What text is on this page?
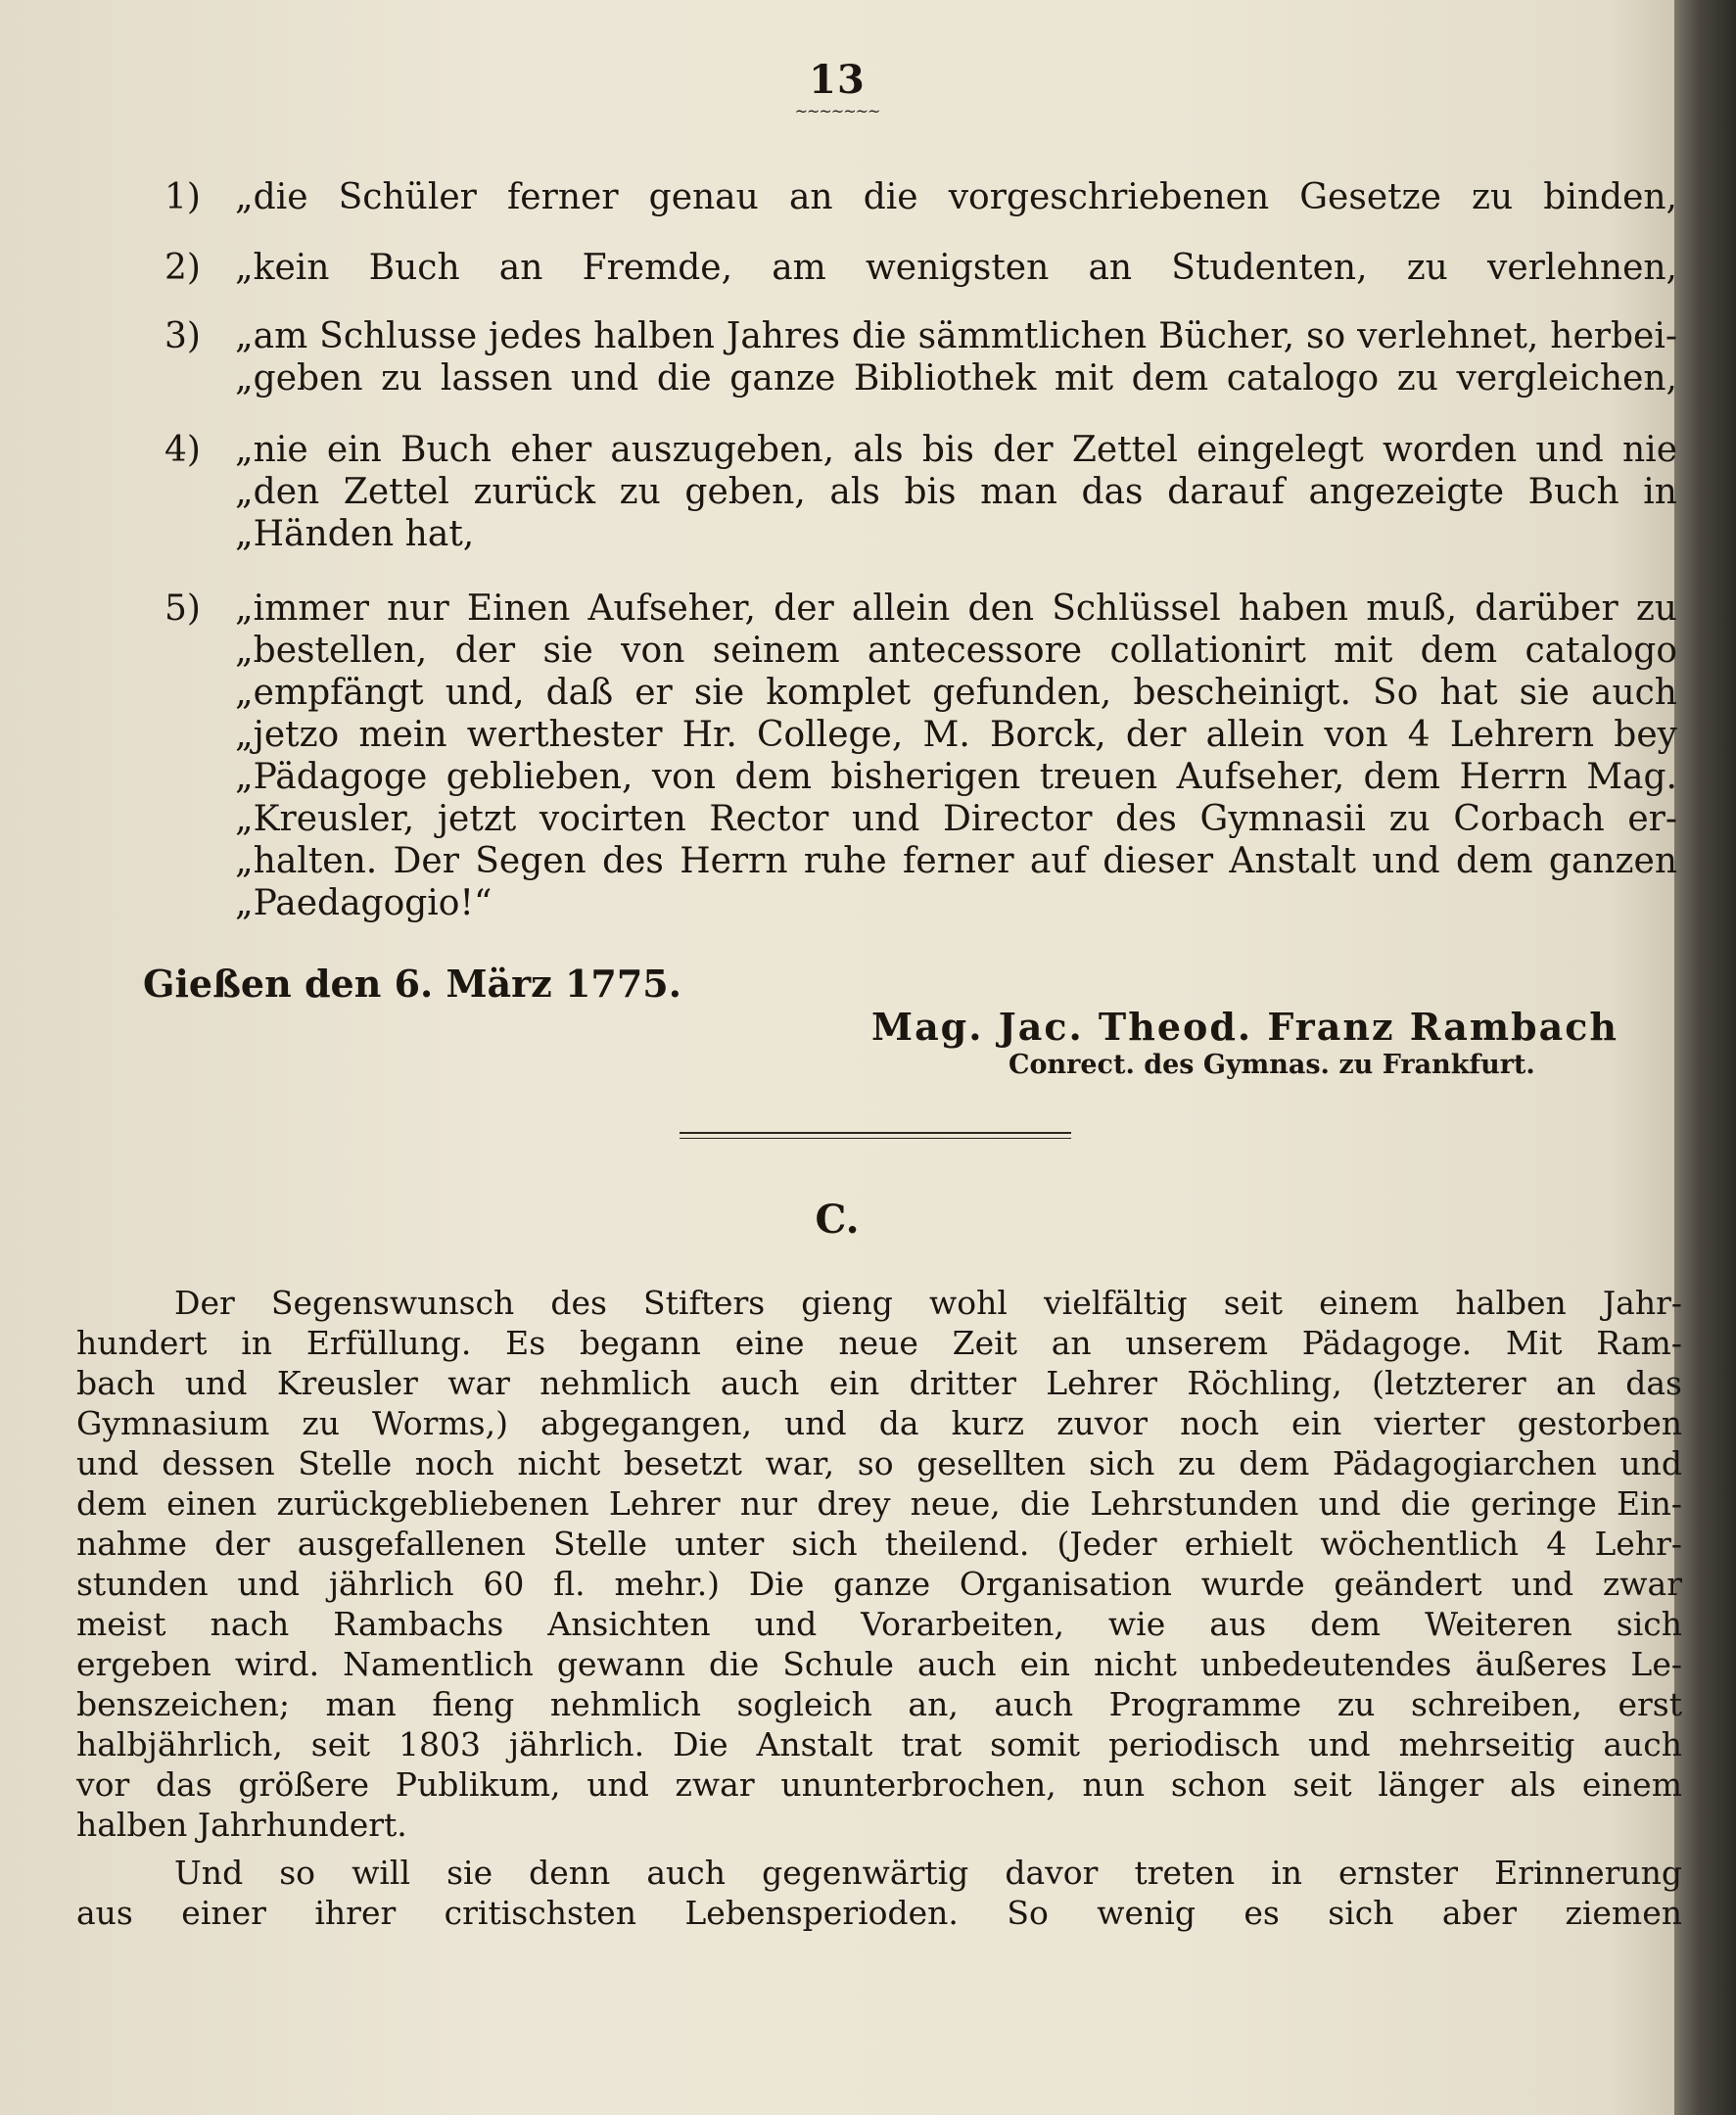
13
~~~~~~~
1) „die Schüler ferner genau an die vorgeschriebenen Gesetze zu binden,
2) „kein Buch an Fremde, am wenigsten an Studenten, zu verlehnen,
3) „am Schlusse jedes halben Jahres die sämmtlichen Bücher, so verlehnet, herbei-
„geben zu lassen und die ganze Bibliothek mit dem catalogo zu vergleichen,
4) „nie ein Buch eher auszugeben, als bis der Zettel eingelegt worden und nie
„den Zettel zurück zu geben, als bis man das darauf angezeigte Buch in
„Händen hat,
5) „immer nur Einen Aufseher, der allein den Schlüssel haben muß, darüber zu
„bestellen, der sie von seinem antecessore collationirt mit dem catalogo
„empfängt und, daß er sie komplet gefunden, bescheinigt. So hat sie auch
„jetzo mein werthester Hr. College, M. Borck, der allein von 4 Lehrern bey
„Pädagoge geblieben, von dem bisherigen treuen Aufseher, dem Herrn Mag.
„Kreusler, jetzt vocirten Rector und Director des Gymnasii zu Corbach er-
„halten. Der Segen des Herrn ruhe ferner auf dieser Anstalt und dem ganzen
„Paedagogio!“
Gießen den 6. März 1775.
Mag. Jac. Theod. Franz Rambach
Conrect. des Gymnas. zu Frankfurt.
C.
Der Segenswunsch des Stifters gieng wohl vielfältig seit einem halben Jahr-
hundert in Erfüllung. Es begann eine neue Zeit an unserem Pädagoge. Mit Ram-
bach und Kreusler war nehmlich auch ein dritter Lehrer Röchling, (letzterer an das
Gymnasium zu Worms,) abgegangen, und da kurz zuvor noch ein vierter gestorben
und dessen Stelle noch nicht besetzt war, so gesellten sich zu dem Pädagogiarchen und
dem einen zurückgebliebenen Lehrer nur drey neue, die Lehrstunden und die geringe Ein-
nahme der ausgefallenen Stelle unter sich theilend. (Jeder erhielt wöchentlich 4 Lehr-
stunden und jährlich 60 fl. mehr.) Die ganze Organisation wurde geändert und zwar
meist nach Rambachs Ansichten und Vorarbeiten, wie aus dem Weiteren sich
ergeben wird. Namentlich gewann die Schule auch ein nicht unbedeutendes äußeres Le-
benszeichen; man fieng nehmlich sogleich an, auch Programme zu schreiben, erst
halbjährlich, seit 1803 jährlich. Die Anstalt trat somit periodisch und mehrseitig auch
vor das größere Publikum, und zwar ununterbrochen, nun schon seit länger als einem
halben Jahrhundert.
Und so will sie denn auch gegenwärtig davor treten in ernster Erinnerung
aus einer ihrer critischsten Lebensperioden. So wenig es sich aber ziemen
